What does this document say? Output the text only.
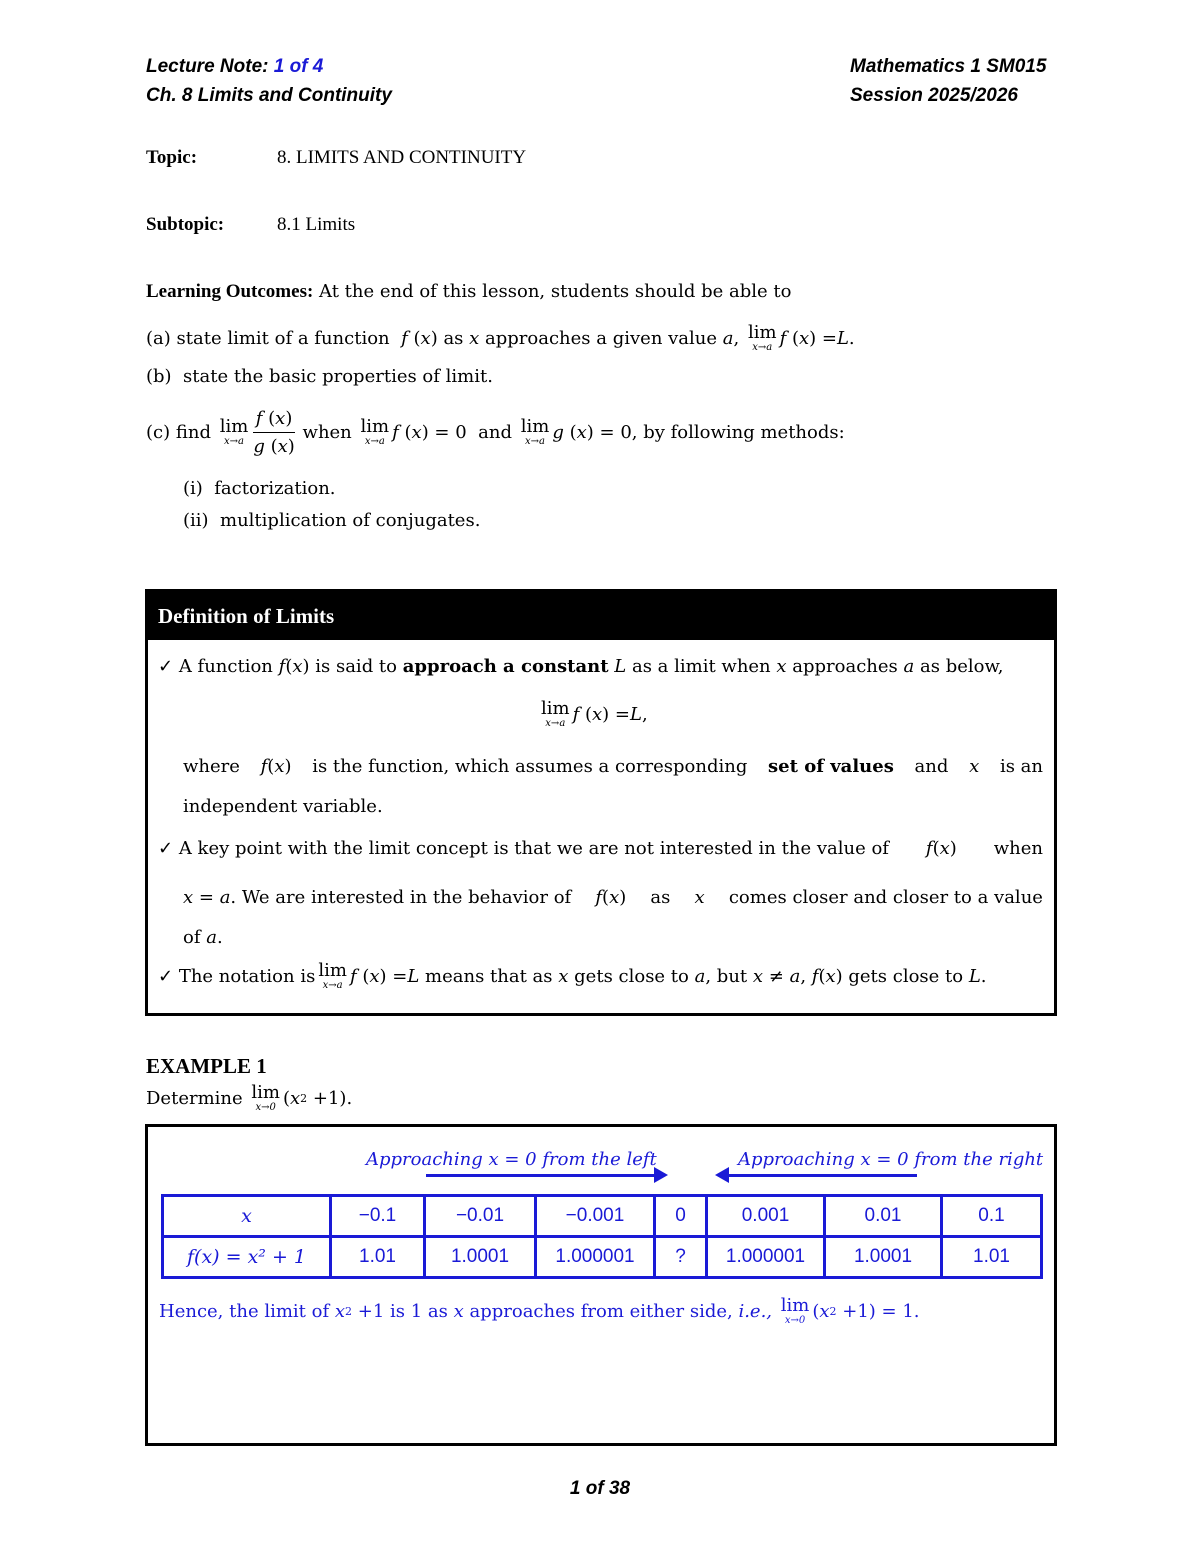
Lecture Note: 1 of 4
Ch. 8 Limits and Continuity
Mathematics 1 SM015
Session 2025/2026
Topic:	8. LIMITS AND CONTINUITY
Subtopic:	8.1 Limits
Learning Outcomes: At the end of this lesson, students should be able to
(a)
state limit of a function
f ( x ) as
x
approaches a given value
a , lim
x→a f ( x ) = L .
(b) state the basic properties of limit.
(c)
find
lim
$x\to a \frac{f (x)}{g (x)}$
when
lim
x→a f ( x ) = 0 and
lim
x→a g ( x ) = 0, by following methods:
(i) factorization.
(ii) multiplication of conjugates.
Definition of Limits
✓ A function f(x) is said to approach a constant L as a limit when x approaches a as below,
lim
x→a f ( x ) = L ,
where f(x) is the function, which assumes a corresponding set of values and x is an
independent variable.
✓ A key point with the limit concept is that we are not interested in the value of f(x) when
x = a. We are interested in the behavior of f(x) as x comes closer and closer to a value
of a.
✓
The notation is lim
x→a f ( x ) = L
means that as
x
gets close to
a , but
x ≠ a , f ( x ) gets close to
L .
EXAMPLE 1
Determine
lim
x→0 ( x 2 +1).
Approaching x = 0 from the left	Approaching x = 0 from the right
x	−0.1	−0.01	−0.001	0	0.001	0.01	0.1
f(x) = x² + 1	1.01	1.0001	1.000001	?	1.000001	1.0001	1.01
Hence, the limit of
x 2 +1 is 1 as
x
approaches from either side,
i.e.,
lim
x→0 ( x 2 +1) = 1.
1 of 38
